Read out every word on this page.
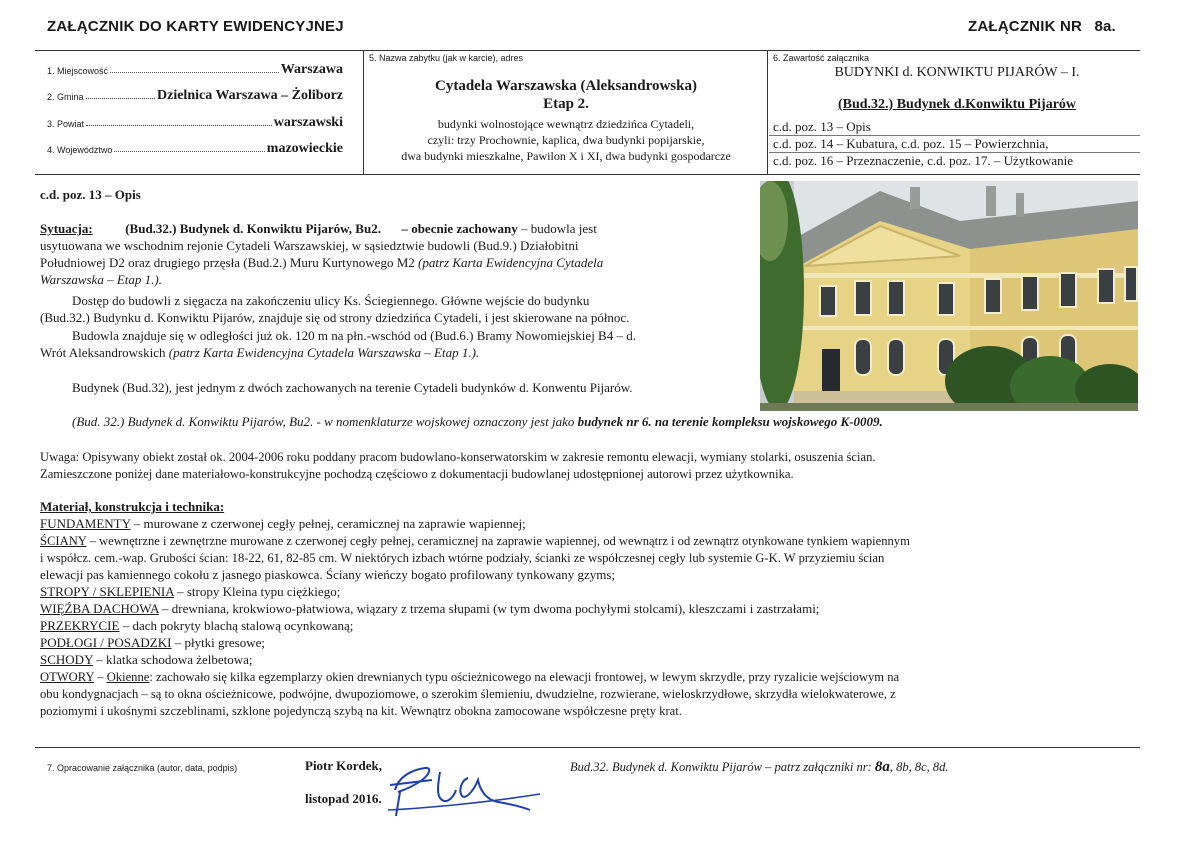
ZAŁĄCZNIK DO KARTY EWIDENCYJNEJ	ZAŁĄCZNIK NR 8a.
1. Miejscowość	Warszawa
2. Gmina	Dzielnica Warszawa – Żoliborz
3. Powiat	warszawski
4. Województwo	mazowieckie
5. Nazwa zabytku (jak w karcie), adres
Cytadela Warszawska (Aleksandrowska)
Etap 2.
budynki wolnostojące wewnątrz dziedzińca Cytadeli,
czyli: trzy Prochownie, kaplica, dwa budynki popijarskie,
dwa budynki mieszkalne, Pawilon X i XI, dwa budynki gospodarcze
6. Zawartość załącznika
BUDYNKI d. KONWIKTU PIJARÓW – I.
(Bud.32.) Budynek d.Konwiktu Pijarów
c.d. poz. 13 – Opis
c.d. poz. 14 – Kubatura, c.d. poz. 15 – Powierzchnia,
c.d. poz. 16 – Przeznaczenie, c.d. poz. 17. – Użytkowanie
c.d. poz. 13 – Opis
Sytuacja:	(Bud.32.) Budynek d. Konwiktu Pijarów, Bu2. – obecnie zachowany – budowla jest
usytuowana we wschodnim rejonie Cytadeli Warszawskiej, w sąsiedztwie budowli (Bud.9.) Działobitni
Południowej D2 oraz drugiego przęsła (Bud.2.) Muru Kurtynowego M2 (patrz Karta Ewidencyjna Cytadela
Warszawska – Etap 1.).
Dostęp do budowli z sięgacza na zakończeniu ulicy Ks. Ściegiennego. Główne wejście do budynku
(Bud.32.) Budynku d. Konwiktu Pijarów, znajduje się od strony dziedzińca Cytadeli, i jest skierowane na północ.
Budowla znajduje się w odległości już ok. 120 m na płn.-wschód od (Bud.6.) Bramy Nowomiejskiej B4 – d.
Wrót Aleksandrowskich (patrz Karta Ewidencyjna Cytadela Warszawska – Etap 1.).
Budynek (Bud.32), jest jednym z dwóch zachowanych na terenie Cytadeli budynków d. Konwentu Pijarów.
(Bud. 32.) Budynek d. Konwiktu Pijarów, Bu2. - w nomenklaturze wojskowej oznaczony jest jako budynek nr 6. na terenie kompleksu wojskowego K-0009.
Uwaga: Opisywany obiekt został ok. 2004-2006 roku poddany pracom budowlano-konserwatorskim w zakresie remontu elewacji, wymiany stolarki, osuszenia ścian.
Zamieszczone poniżej dane materiałowo-konstrukcyjne pochodzą częściowo z dokumentacji budowlanej udostępnionej autorowi przez użytkownika.
Materiał, konstrukcja i technika:
FUNDAMENTY – murowane z czerwonej cegły pełnej, ceramicznej na zaprawie wapiennej;
ŚCIANY – wewnętrzne i zewnętrzne murowane z czerwonej cegły pełnej, ceramicznej na zaprawie wapiennej, od wewnątrz i od zewnątrz otynkowane tynkiem wapiennym
i współcz. cem.-wap. Grubości ścian: 18-22, 61, 82-85 cm. W niektórych izbach wtórne podziały, ścianki ze współczesnej cegły lub systemie G-K. W przyziemiu ścian
elewacji pas kamiennego cokołu z jasnego piaskowca. Ściany wieńczy bogato profilowany tynkowany gzyms;
STROPY / SKLEPIENIA – stropy Kleina typu ciężkiego;
WIĘŹBA DACHOWA – drewniana, krokwiowo-płatwiowa, wiązary z trzema słupami (w tym dwoma pochyłymi stolcami), kleszczami i zastrzałami;
PRZEKRYCIE – dach pokryty blachą stalową ocynkowaną;
PODŁOGI / POSADZKI – płytki gresowe;
SCHODY – klatka schodowa żelbetowa;
OTWORY – Okienne: zachowało się kilka egzemplarzy okien drewnianych typu ościeżnicowego na elewacji frontowej, w lewym skrzydle, przy ryzalicie wejściowym na
obu kondygnacjach – są to okna ościeżnicowe, podwójne, dwupoziomowe, o szerokim ślemieniu, dwudzielne, rozwierane, wieloskrzydłowe, skrzydła wielokwaterowe, z
poziomymi i ukośnymi szczeblinami, szklone pojedynczą szybą na kit. Wewnątrz obokna zamocowane współczesne pręty krat.
7. Opracowanie załącznika (autor, data, podpis)	Piotr Kordek,
listopad 2016.
Bud.32. Budynek d. Konwiktu Pijarów – patrz załączniki nr: 8a, 8b, 8c, 8d.
